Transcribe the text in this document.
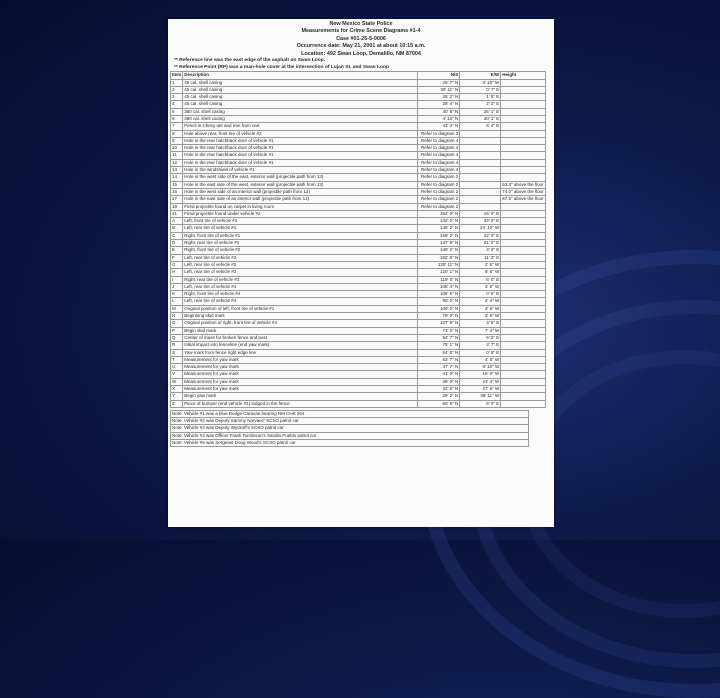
New Mexico State Police
Measurements for Crime Scene Diagrams #1-4
Case #01-25-5-0006
Occurrence date: May 21, 2001 at about 10:15 a.m.
Location: 492 Swan Loop, Demalillo, NM 87004
** Reference line was the east edge of the asphalt on Swan Loop.
** Reference Point (RP) was a man-hole cover at the intersection of Lujan St. and Swan Loop
Item	Description	N/S	E/W	Height
1	45 cal. shell casing	26' 7" N	3' 10" W	
2	45 cal. shell casing	30' 11" N	0' 7" E	
3	45 cal. shell casing	25' 2" N	1' 5" E	
4	45 cal. shell casing	28' 4" N	2' 3" E	
5	380 cal. shell casing	40' 8" N	26' 1" E	
6	380 cal. shell casing	4' 10" N	30' 1" E	
7	Pencil in Chevy ute and tree from unit	43' 3" N	6' 4" E	
8	Hole above rear, front tire of vehicle #2	Refer to diagram 3		
9	Hole in the rear hatchback door of vehicle #1	Refer to diagram 4		
10	Hole in the rear hatchback door of vehicle #1	Refer to diagram 4		
11	Hole in the rear hatchback door of vehicle #1	Refer to diagram 4		
12	Hole in the rear hatchback door of vehicle #1	Refer to diagram 4		
13	Hole in the windshield of vehicle #1	Refer to diagram 4		
14	Hole in the west side of the east, exterior wall (projectile path from 13)	Refer to diagram 2		
15	Hole in the east side of the west, exterior wall (projectile path from 13)	Refer to diagram 2		63.3" above the floor
16	Hole in the west side of an interior wall (projectile path from 13)	Refer to diagram 2		74.0" above the floor
17	Hole in the east side of an interior wall (projectile path from 13)	Refer to diagram 2		67.5" above the floor
18	Fired projectile found on carpet in living room	Refer to diagram 2		
21	Fired projectile found under vehicle #2	152' 0" N	16' 0" E	
A	Left, front tire of vehicle #1	142' 0" N	33' 2" E	
B	Left, rear tire of vehicle #1	145' 2" N	24' 10" W	
C	Right, front tire of vehicle #1	169' 2" N	22' 3" E	
D	Right, rear tire of vehicle #1	147' 9" N	21' 2" E	
E	Right, front tire of vehicle #2	149' 2" N	3' 2" E	
F	Left, rear tire of vehicle #2	162' 6" N	11' 3" E	
G	Left, rear tire of vehicle #2	130' 11" N	2' 6" W	
H	Left, rear tire of vehicle #3	120' 1" N	8' 6" W	
I	Right, rear tire of vehicle #3	119' 0" N	6' 0" E	
J	Left, rear tire of vehicle #4	106' 4" N	3' 5" W	
K	Right, front tire of vehicle #4	105' 6" N	0' 5" E	
L	Left, rear tire of vehicle #4	90' 0" N	2' 4" W	
M	Original position of left, front tire of vehicle #1	100' 0" N	3' 5" W	
N	Beginning skid mark	79' 0" N	8' 6" W	
O	Original position of right, front tire of vehicle #4	107' 9" N	3' 5" E	
P	Begin skid mark	71' 0" N	7' 4" W	
Q	Center of mass for broken fence and post	54' 7" N	6' 3" E	
R	Initial impact into fenceline (end yaw mark)	75' 1" N	3' 7" E	
S	Yaw mark from fence right edge line	54' 5" N	0' 8" E	
T	Measurement for yaw mark	53' 7" N	4' 5" W	
U	Measurement for yaw mark	47' 7" N	9' 10" W	
V	Measurement for yaw mark	41' 0" N	15' 0" W	
W	Measurement for yaw mark	36' 0" N	23' 4" W	
X	Measurement for yaw mark	32' 5" N	27' 6" W	
Y	Begin yaw mark	29' 2" N	38' 11" W	
Z	Piece of bumper (end vehicle #1) lodged in the fence	60' 5" N	6' 0" E	
Note: Vehicle #1 was a blue Dodge Caravan bearing NM CHK 254
Note: Vehicle #2 was Deputy Sammy Narvaez' SCSO patrol car
Note: Vehicle #3 was Deputy Wyckoff's SCSO patrol car
Note: Vehicle #4 was Officer Frank Tomlinson's Sandia Pueblo patrol car
Note: Vehicle #5 was Sergeant Doug Wood's SCSO patrol car
